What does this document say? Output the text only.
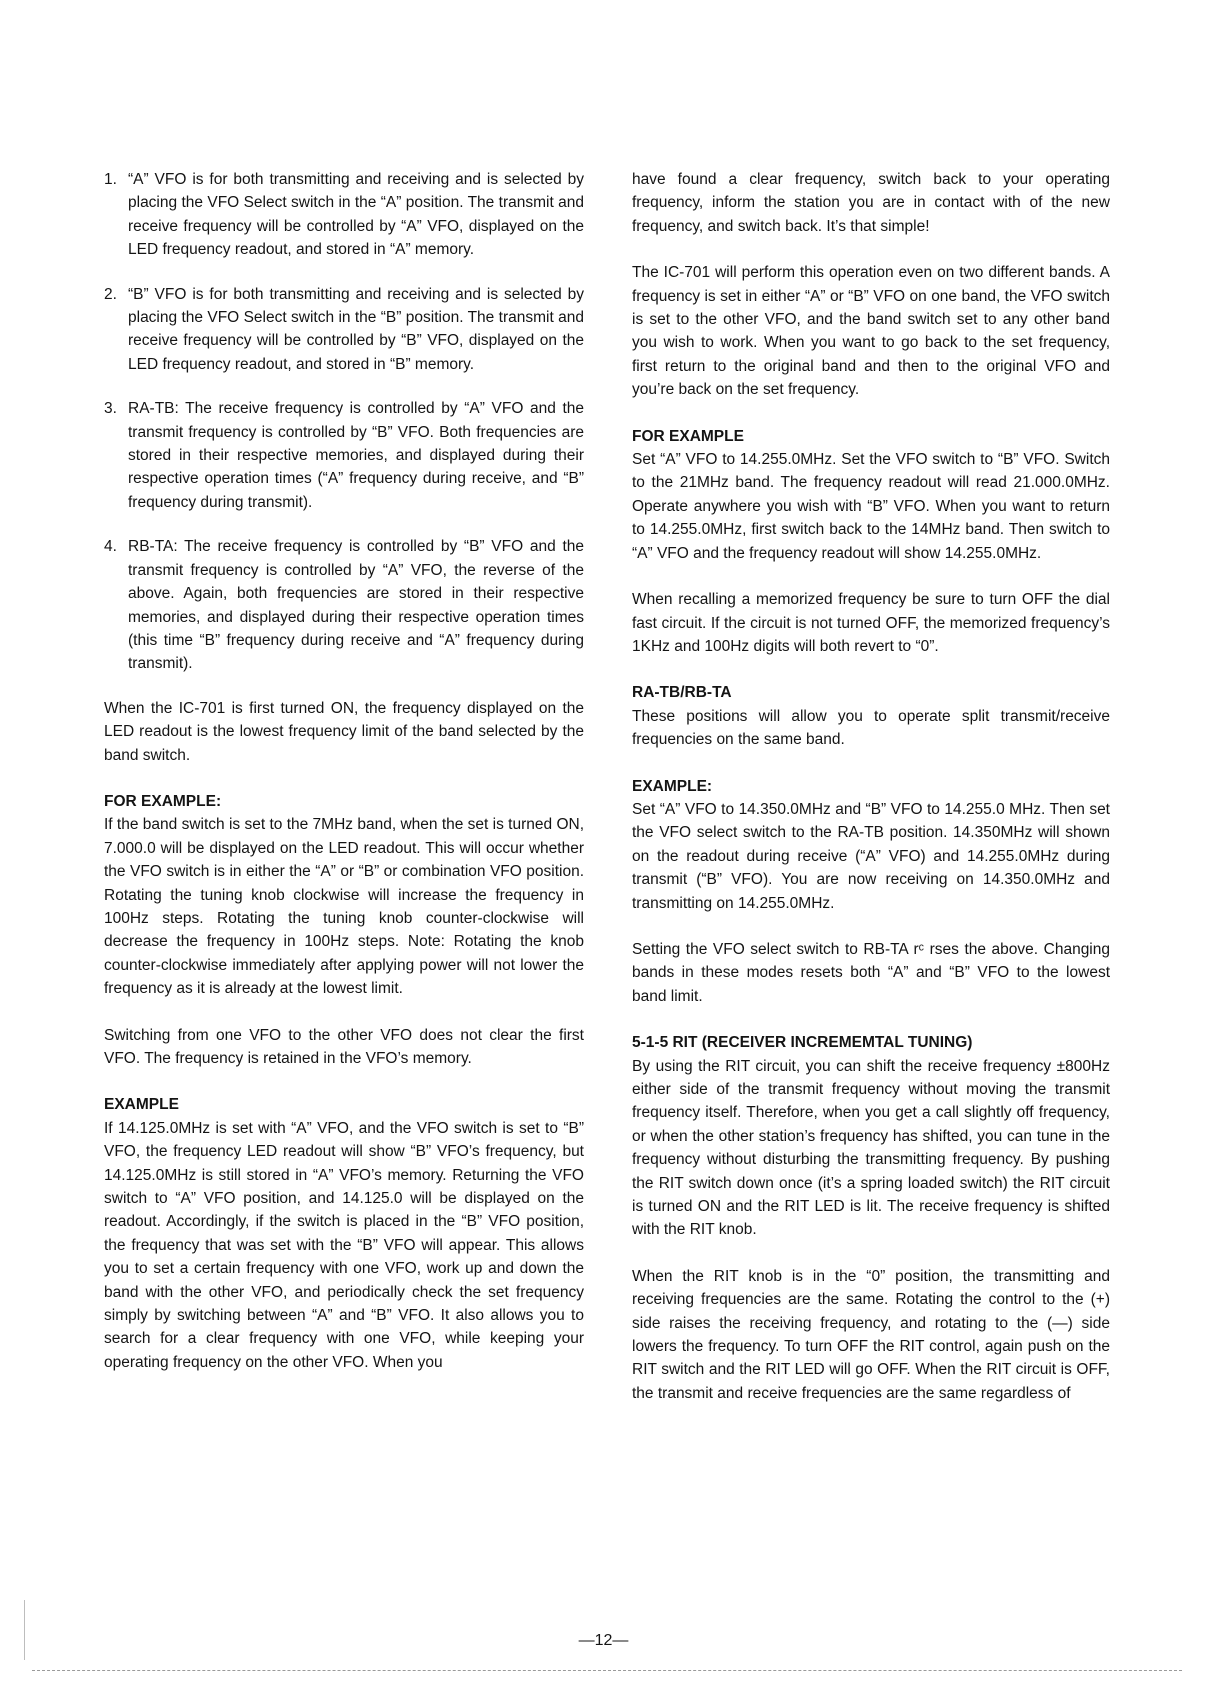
1. “A” VFO is for both transmitting and receiving and is selected by placing the VFO Select switch in the “A” position. The transmit and receive frequency will be controlled by “A” VFO, displayed on the LED frequency readout, and stored in “A” memory.
2. “B” VFO is for both transmitting and receiving and is selected by placing the VFO Select switch in the “B” position. The transmit and receive frequency will be controlled by “B” VFO, displayed on the LED frequency readout, and stored in “B” memory.
3. RA-TB: The receive frequency is controlled by “A” VFO and the transmit frequency is controlled by “B” VFO. Both frequencies are stored in their respective memories, and displayed during their respective operation times (“A” frequency during receive, and “B” frequency during transmit).
4. RB-TA: The receive frequency is controlled by “B” VFO and the transmit frequency is controlled by “A” VFO, the reverse of the above. Again, both frequencies are stored in their respective memories, and displayed during their respective operation times (this time “B” frequency during receive and “A” frequency during transmit).

When the IC-701 is first turned ON, the frequency displayed on the LED readout is the lowest frequency limit of the band selected by the band switch.

FOR EXAMPLE:

If the band switch is set to the 7MHz band, when the set is turned ON, 7.000.0 will be displayed on the LED readout. This will occur whether the VFO switch is in either the “A” or “B” or combination VFO position. Rotating the tuning knob clockwise will increase the frequency in 100Hz steps. Rotating the tuning knob counter-clockwise will decrease the frequency in 100Hz steps. Note: Rotating the knob counter-clockwise immediately after applying power will not lower the frequency as it is already at the lowest limit.

Switching from one VFO to the other VFO does not clear the first VFO. The frequency is retained in the VFO’s memory.

EXAMPLE

If 14.125.0MHz is set with “A” VFO, and the VFO switch is set to “B” VFO, the frequency LED readout will show “B” VFO’s frequency, but 14.125.0MHz is still stored in “A” VFO’s memory. Returning the VFO switch to “A” VFO position, and 14.125.0 will be displayed on the readout. Accordingly, if the switch is placed in the “B” VFO position, the frequency that was set with the “B” VFO will appear. This allows you to set a certain frequency with one VFO, work up and down the band with the other VFO, and periodically check the set frequency simply by switching between “A” and “B” VFO. It also allows you to search for a clear frequency with one VFO, while keeping your operating frequency on the other VFO. When you

have found a clear frequency, switch back to your operating frequency, inform the station you are in contact with of the new frequency, and switch back. It’s that simple!

The IC-701 will perform this operation even on two different bands. A frequency is set in either “A” or “B” VFO on one band, the VFO switch is set to the other VFO, and the band switch set to any other band you wish to work. When you want to go back to the set frequency, first return to the original band and then to the original VFO and you’re back on the set frequency.

FOR EXAMPLE

Set “A” VFO to 14.255.0MHz. Set the VFO switch to “B” VFO. Switch to the 21MHz band. The frequency readout will read 21.000.0MHz. Operate anywhere you wish with “B” VFO. When you want to return to 14.255.0MHz, first switch back to the 14MHz band. Then switch to “A” VFO and the frequency readout will show 14.255.0MHz.

When recalling a memorized frequency be sure to turn OFF the dial fast circuit. If the circuit is not turned OFF, the memorized frequency’s 1KHz and 100Hz digits will both revert to “0”.

RA-TB/RB-TA

These positions will allow you to operate split transmit/receive frequencies on the same band.

EXAMPLE:

Set “A” VFO to 14.350.0MHz and “B” VFO to 14.255.0 MHz. Then set the VFO select switch to the RA-TB position. 14.350MHz will shown on the readout during receive (“A” VFO) and 14.255.0MHz during transmit (“B” VFO). You are now receiving on 14.350.0MHz and transmitting on 14.255.0MHz.

Setting the VFO select switch to RB-TA rᶜ rses the above. Changing bands in these modes resets both “A” and “B” VFO to the lowest band limit.

5-1-5 RIT (RECEIVER INCREMEMTAL TUNING)

By using the RIT circuit, you can shift the receive frequency ±800Hz either side of the transmit frequency without moving the transmit frequency itself. Therefore, when you get a call slightly off frequency, or when the other station’s frequency has shifted, you can tune in the frequency without disturbing the transmitting frequency. By pushing the RIT switch down once (it’s a spring loaded switch) the RIT circuit is turned ON and the RIT LED is lit. The receive frequency is shifted with the RIT knob.

When the RIT knob is in the “0” position, the transmitting and receiving frequencies are the same. Rotating the control to the (+) side raises the receiving frequency, and rotating to the (—) side lowers the frequency. To turn OFF the RIT control, again push on the RIT switch and the RIT LED will go OFF. When the RIT circuit is OFF, the transmit and receive frequencies are the same regardless of

—12—
